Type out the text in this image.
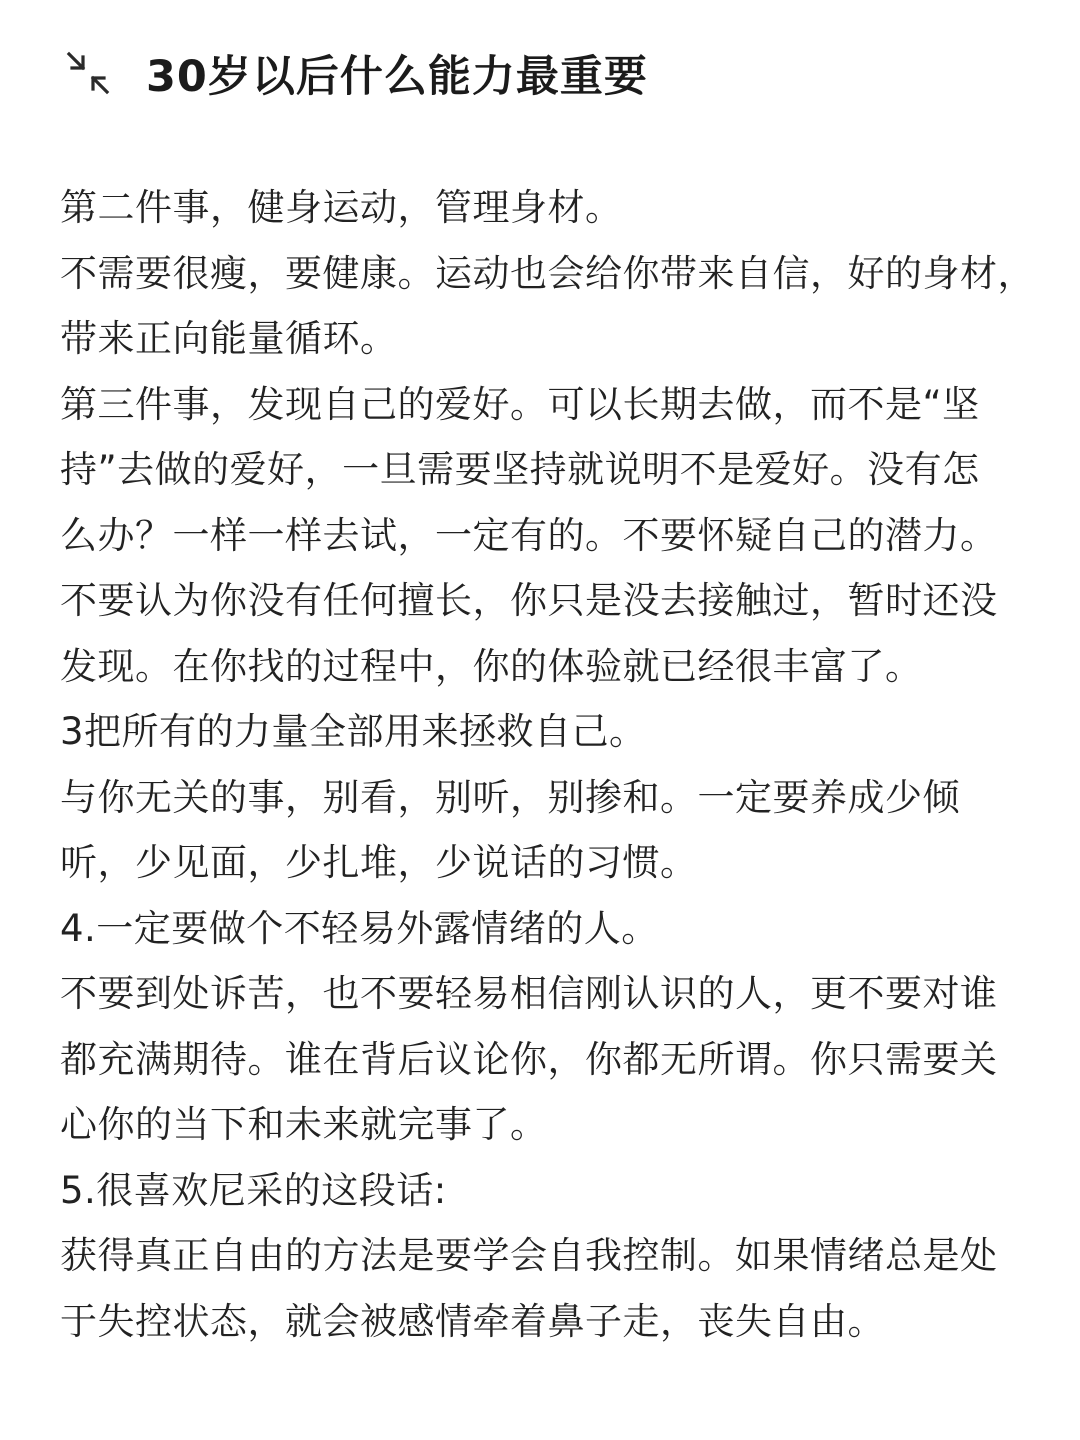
30岁以后什么能力最重要
第二件事，健身运动，管理身材。
不需要很瘦，要健康。运动也会给你带来自信，好的身材，
带来正向能量循环。
第三件事，发现自己的爱好。可以长期去做，而不是“坚
持”去做的爱好，一旦需要坚持就说明不是爱好。没有怎
么办？一样一样去试，一定有的。不要怀疑自己的潜力。
不要认为你没有任何擅长，你只是没去接触过，暂时还没
发现。在你找的过程中，你的体验就已经很丰富了。
3把所有的力量全部用来拯救自己。
与你无关的事，别看，别听，别掺和。一定要养成少倾
听，少见面，少扎堆，少说话的习惯。
4.一定要做个不轻易外露情绪的人。
不要到处诉苦，也不要轻易相信刚认识的人，更不要对谁
都充满期待。谁在背后议论你，你都无所谓。你只需要关
心你的当下和未来就完事了。
5.很喜欢尼采的这段话:
获得真正自由的方法是要学会自我控制。如果情绪总是处
于失控状态，就会被感情牵着鼻子走，丧失自由。
